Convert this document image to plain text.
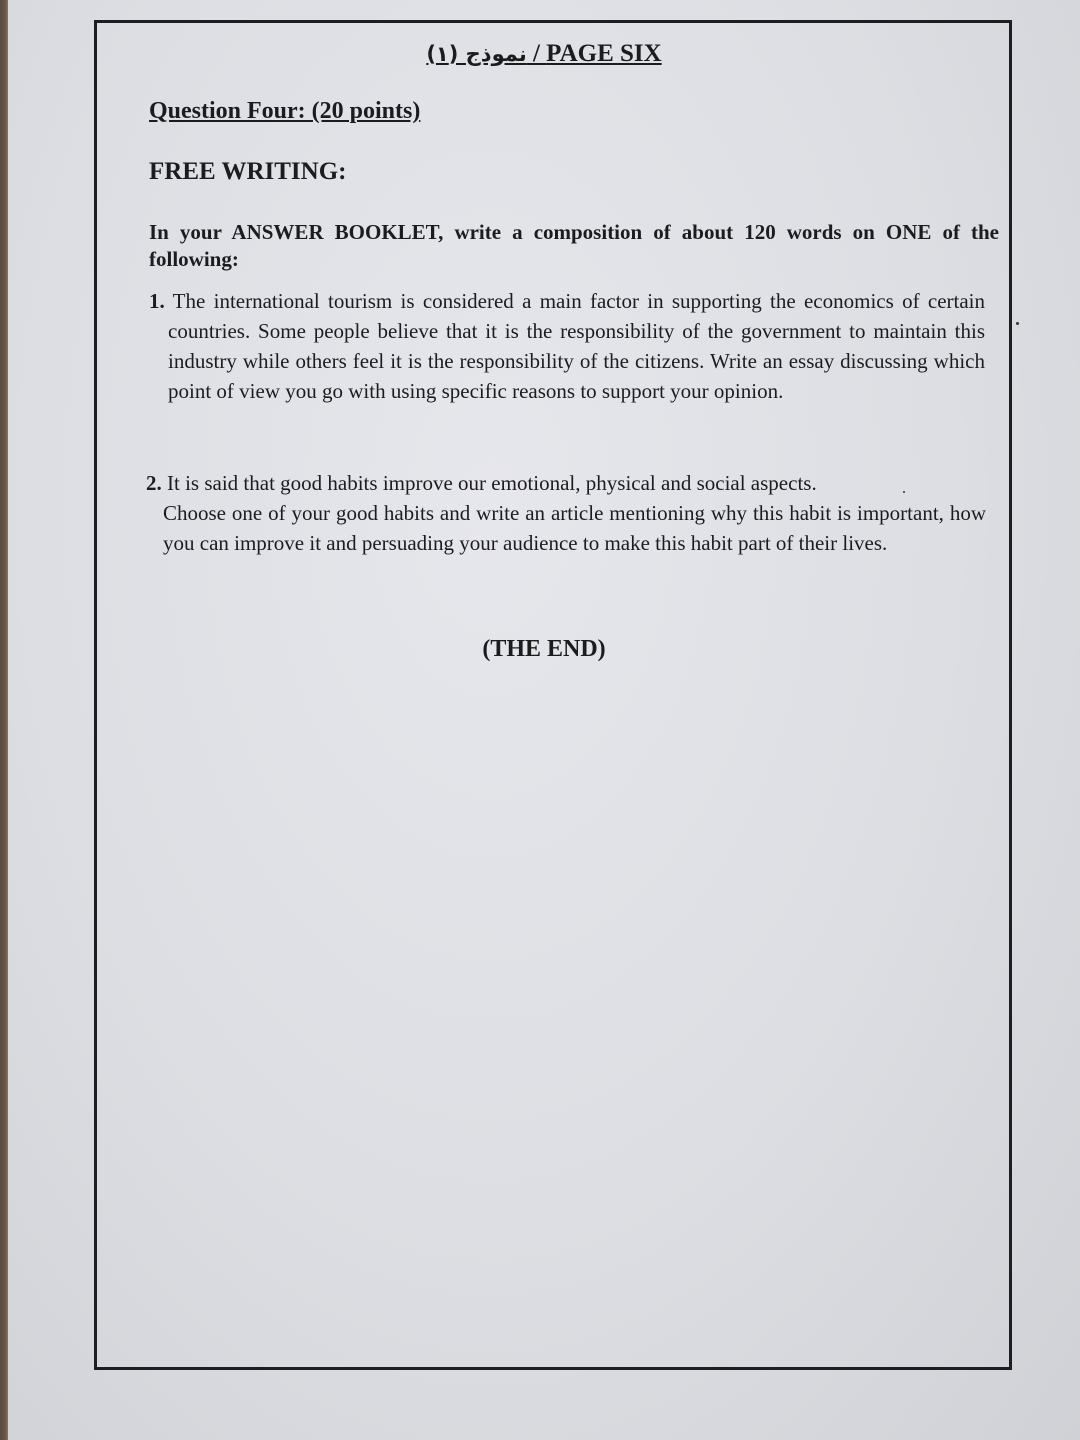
نموذج (١) / PAGE SIX
Question Four: (20 points)
FREE WRITING:
In your ANSWER BOOKLET, write a composition of about 120 words on ONE of the following:
1. The international tourism is considered a main factor in supporting the economics of certain countries. Some people believe that it is the responsibility of the government to maintain this industry while others feel it is the responsibility of the citizens. Write an essay discussing which point of view you go with using specific reasons to support your opinion.
2. It is said that good habits improve our emotional, physical and social aspects.
Choose one of your good habits and write an article mentioning why this habit is important, how you can improve it and persuading your audience to make this habit part of their lives.
(THE END)
